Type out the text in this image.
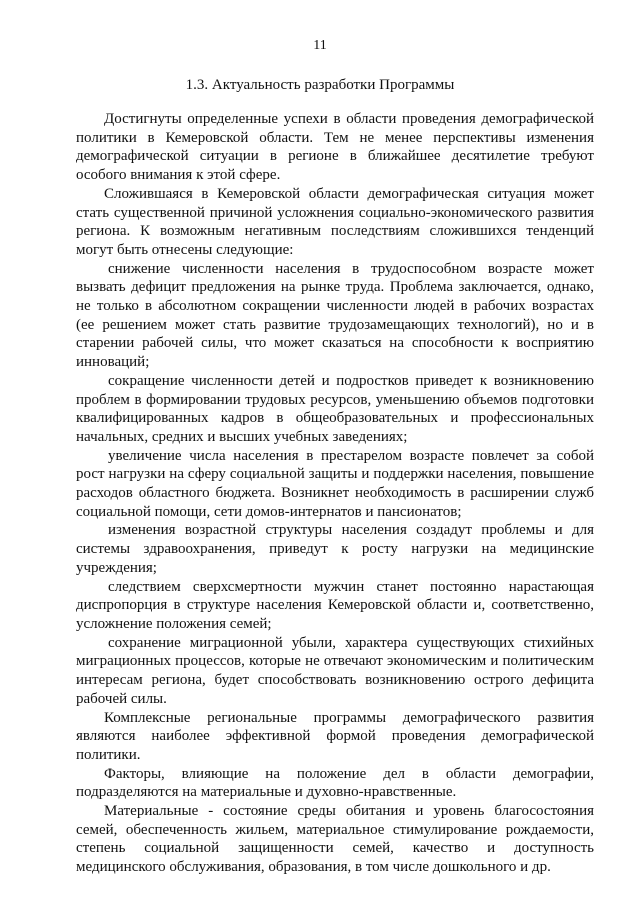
11
1.3. Актуальность разработки Программы

Достигнуты определенные успехи в области проведения демографической политики в Кемеровской области. Тем не менее перспективы изменения демографической ситуации в регионе в ближайшее десятилетие требуют особого внимания к этой сфере.

Сложившаяся в Кемеровской области демографическая ситуация может стать существенной причиной усложнения социально-экономического развития региона. К возможным негативным последствиям сложившихся тенденций могут быть отнесены следующие:

снижение численности населения в трудоспособном возрасте может вызвать дефицит предложения на рынке труда. Проблема заключается, однако, не только в абсолютном сокращении численности людей в рабочих возрастах (ее решением может стать развитие трудозамещающих технологий), но и в старении рабочей силы, что может сказаться на способности к восприятию инноваций;

сокращение численности детей и подростков приведет к возникновению проблем в формировании трудовых ресурсов, уменьшению объемов подготовки квалифицированных кадров в общеобразовательных и профессиональных начальных, средних и высших учебных заведениях;

увеличение числа населения в престарелом возрасте повлечет за собой рост нагрузки на сферу социальной защиты и поддержки населения, повышение расходов областного бюджета. Возникнет необходимость в расширении служб социальной помощи, сети домов-интернатов и пансионатов;

изменения возрастной структуры населения создадут проблемы и для системы здравоохранения, приведут к росту нагрузки на медицинские учреждения;

следствием сверхсмертности мужчин станет постоянно нарастающая диспропорция в структуре населения Кемеровской области и, соответственно, усложнение положения семей;

сохранение миграционной убыли, характера существующих стихийных миграционных процессов, которые не отвечают экономическим и политическим интересам региона, будет способствовать возникновению острого дефицита рабочей силы.

Комплексные региональные программы демографического развития являются наиболее эффективной формой проведения демографической политики.

Факторы, влияющие на положение дел в области демографии, подразделяются на материальные и духовно-нравственные.

Материальные - состояние среды обитания и уровень благосостояния семей, обеспеченность жильем, материальное стимулирование рождаемости, степень социальной защищенности семей, качество и доступность медицинского обслуживания, образования, в том числе дошкольного и др.
